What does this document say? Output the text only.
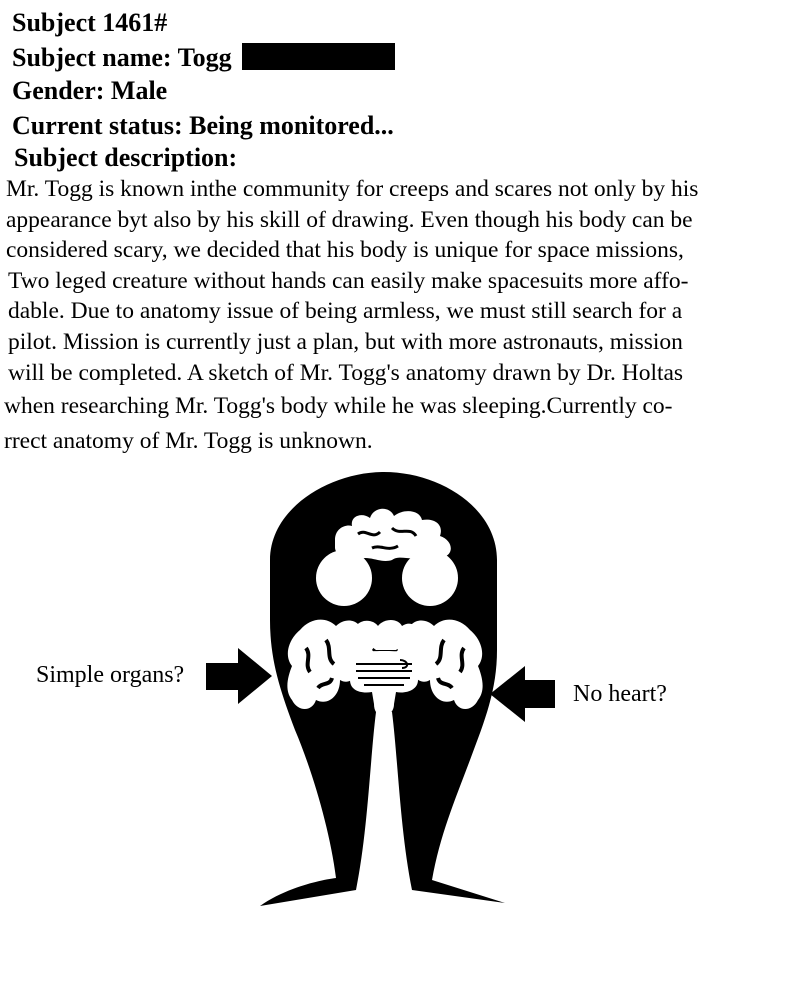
Subject 1461#
Subject name: Togg
Gender: Male
Current status: Being monitored...
Subject description:
Mr. Togg is known inthe community for creeps and scares not only by his
appearance byt also by his skill of drawing. Even though his body can be
considered scary, we decided that his body is unique for space missions,
Two leged creature without hands can easily make spacesuits more affo-
dable. Due to anatomy issue of being armless, we must still search for a
pilot. Mission is currently just a plan, but with more astronauts, mission
will be completed. A sketch of Mr. Togg's anatomy drawn by Dr. Holtas
when researching Mr. Togg's body while he was sleeping.Currently co-
rrect anatomy of Mr. Togg is unknown.
Simple organs?
No heart?
